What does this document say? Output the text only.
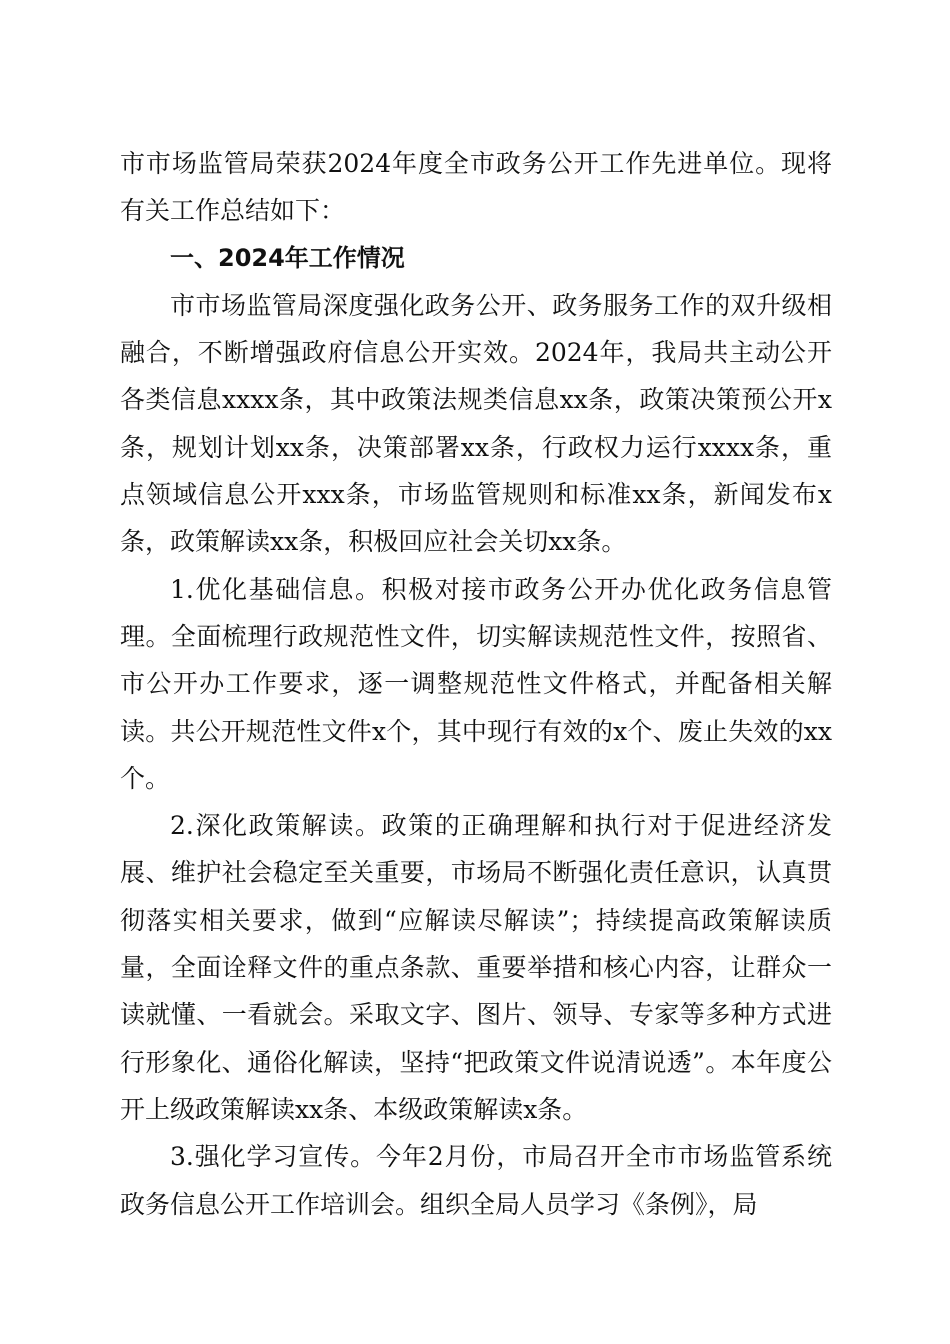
市市场监管局荣获2024年度全市政务公开工作先进单位。现将有关工作总结如下：

一、2024年工作情况

市市场监管局深度强化政务公开、政务服务工作的双升级相融合，不断增强政府信息公开实效。2024年，我局共主动公开各类信息xxxx条，其中政策法规类信息xx条，政策决策预公开x条，规划计划xx条，决策部署xx条，行政权力运行xxxx条，重点领域信息公开xxx条，市场监管规则和标准xx条，新闻发布x条，政策解读xx条，积极回应社会关切xx条。

1.优化基础信息。积极对接市政务公开办优化政务信息管理。全面梳理行政规范性文件，切实解读规范性文件，按照省、市公开办工作要求，逐一调整规范性文件格式，并配备相关解读。共公开规范性文件x个，其中现行有效的x个、废止失效的xx个。

2.深化政策解读。政策的正确理解和执行对于促进经济发展、维护社会稳定至关重要，市场局不断强化责任意识，认真贯彻落实相关要求，做到“应解读尽解读”；持续提高政策解读质量，全面诠释文件的重点条款、重要举措和核心内容，让群众一读就懂、一看就会。采取文字、图片、领导、专家等多种方式进行形象化、通俗化解读，坚持“把政策文件说清说透”。本年度公开上级政策解读xx条、本级政策解读x条。

3.强化学习宣传。今年2月份，市局召开全市市场监管系统政务信息公开工作培训会。组织全局人员学习《条例》，局
